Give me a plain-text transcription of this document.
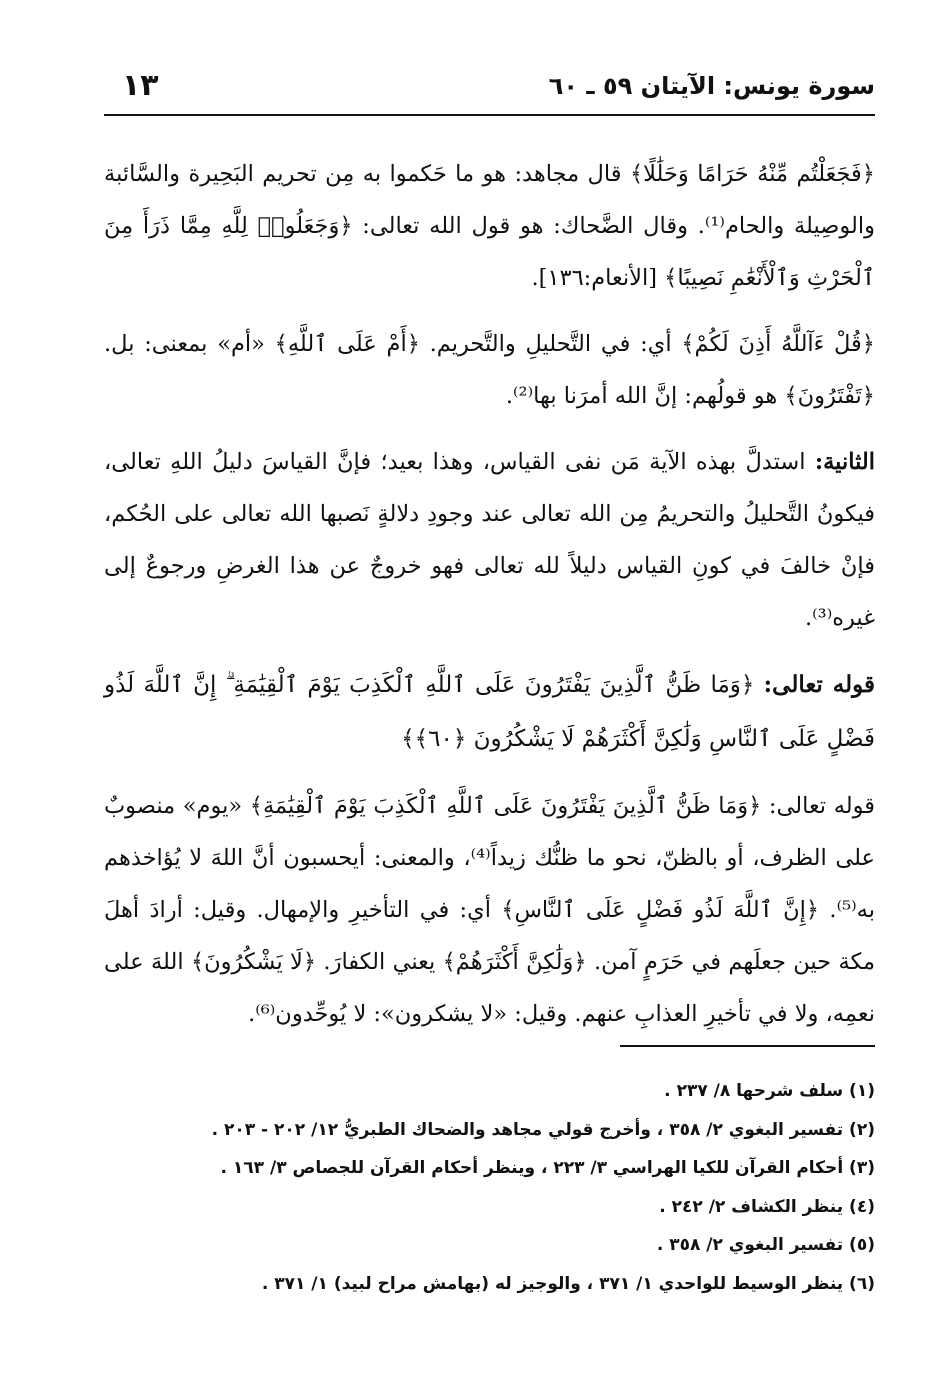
سورة يونس: الآيتان ٥٩ ـ ٦٠
١٣

﴿فَجَعَلْتُم مِّنْهُ حَرَامًا وَحَلَٰلًا﴾ قال مجاهد: هو ما حَكموا به مِن تحريم البَحِيرة والسَّائبة والوصِيلة والحام⁽¹⁾. وقال الضَّحاك: هو قول الله تعالى: ﴿وَجَعَلُوا۟ لِلَّهِ مِمَّا ذَرَأَ مِنَ ٱلْحَرْثِ وَٱلْأَنْعَٰمِ نَصِيبًا﴾ [الأنعام:١٣٦].

﴿قُلْ ءَآللَّهُ أَذِنَ لَكُمْ﴾ أي: في التَّحليلِ والتَّحريم. ﴿أَمْ عَلَى ٱللَّهِ﴾ «أم» بمعنى: بل. ﴿تَفْتَرُونَ﴾ هو قولُهم: إنَّ الله أمرَنا بها⁽²⁾.

الثانية: استدلَّ بهذه الآية مَن نفى القياس، وهذا بعيد؛ فإنَّ القياسَ دليلُ اللهِ تعالى، فيكونُ التَّحليلُ والتحريمُ مِن الله تعالى عند وجودِ دلالةٍ نَصبها الله تعالى على الحُكم، فإنْ خالفَ في كونِ القياس دليلاً لله تعالى فهو خروجٌ عن هذا الغرضِ ورجوعٌ إلى غيره⁽³⁾.

قوله تعالى: ﴿وَمَا ظَنُّ ٱلَّذِينَ يَفْتَرُونَ عَلَى ٱللَّهِ ٱلْكَذِبَ يَوْمَ ٱلْقِيَٰمَةِ ۗ إِنَّ ٱللَّهَ لَذُو فَضْلٍ عَلَى ٱلنَّاسِ وَلَٰكِنَّ أَكْثَرَهُمْ لَا يَشْكُرُونَ ﴿٦٠﴾﴾

قوله تعالى: ﴿وَمَا ظَنُّ ٱلَّذِينَ يَفْتَرُونَ عَلَى ٱللَّهِ ٱلْكَذِبَ يَوْمَ ٱلْقِيَٰمَةِ﴾ «يوم» منصوبٌ على الظرف، أو بالظنّ، نحو ما ظنُّك زيداً⁽⁴⁾، والمعنى: أيحسبون أنَّ اللهَ لا يُؤاخذهم به⁽⁵⁾. ﴿إِنَّ ٱللَّهَ لَذُو فَضْلٍ عَلَى ٱلنَّاسِ﴾ أي: في التأخيرِ والإمهال. وقيل: أرادَ أهلَ مكة حين جعلَهم في حَرَمٍ آمن. ﴿وَلَٰكِنَّ أَكْثَرَهُمْ﴾ يعني الكفارَ. ﴿لَا يَشْكُرُونَ﴾ اللهَ على نعمِه، ولا في تأخيرِ العذابِ عنهم. وقيل: «لا يشكرون»: لا يُوحِّدون⁽⁶⁾.

(١) سلف شرحها ٨/ ٢٣٧ .
(٢) تفسير البغوي ٢/ ٣٥٨ ، وأخرج قولي مجاهد والضحاك الطبريُّ ١٢/ ٢٠٢ - ٢٠٣ .
(٣) أحكام القرآن للكيا الهراسي ٣/ ٢٢٣ ، وينظر أحكام القرآن للجصاص ٣/ ١٦٣ .
(٤) ينظر الكشاف ٢/ ٢٤٢ .
(٥) تفسير البغوي ٢/ ٣٥٨ .
(٦) ينظر الوسيط للواحدي ١/ ٣٧١ ، والوجيز له (بهامش مراح لبيد) ١/ ٣٧١ .
